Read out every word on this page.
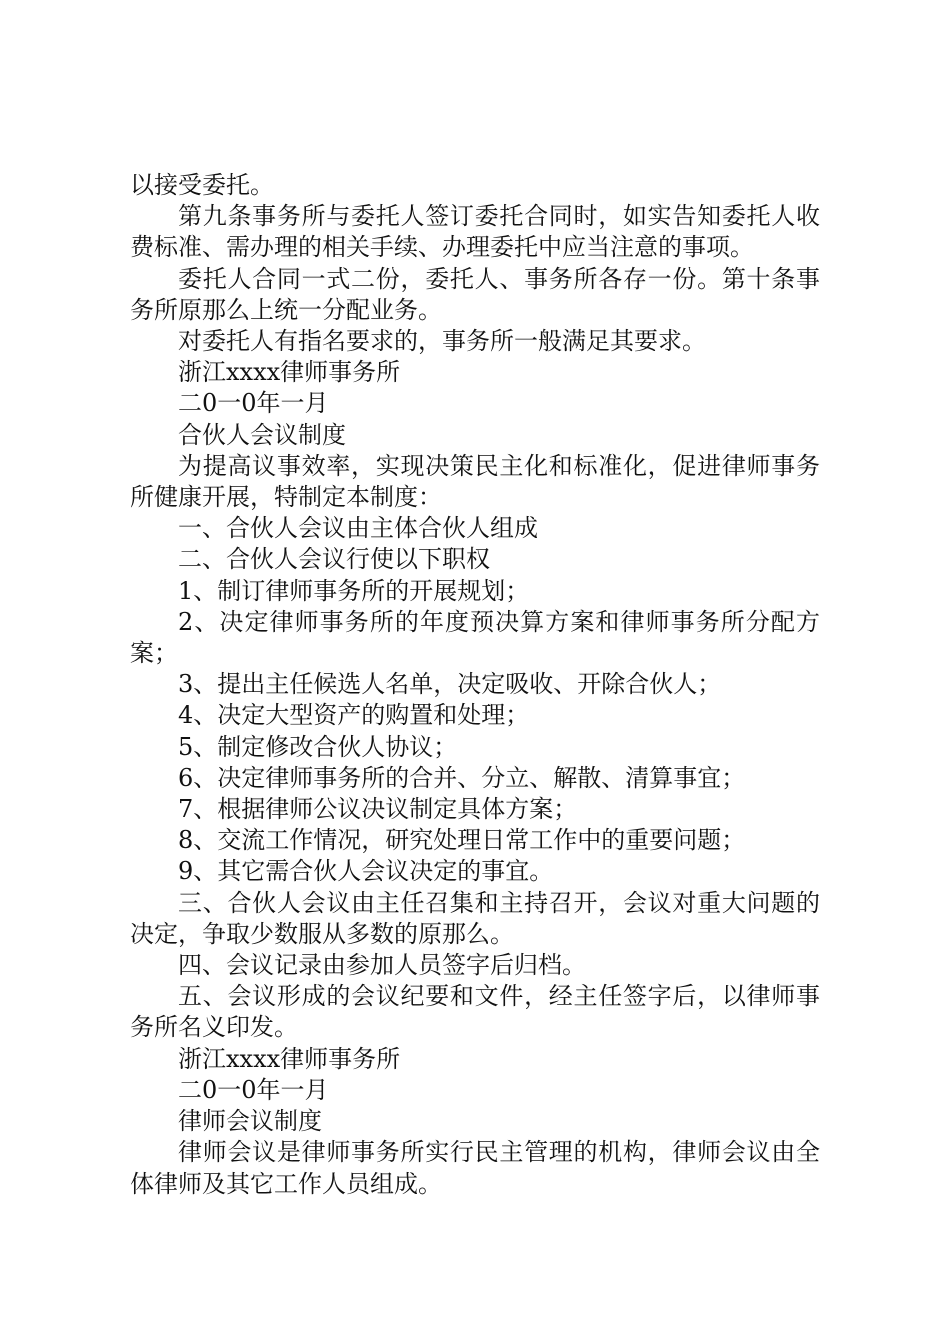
以接受委托。

第九条事务所与委托人签订委托合同时，如实告知委托人收费标准、需办理的相关手续、办理委托中应当注意的事项。

委托人合同一式二份，委托人、事务所各存一份。第十条事务所原那么上统一分配业务。

对委托人有指名要求的，事务所一般满足其要求。

浙江xxxx律师事务所

二0一0年一月

合伙人会议制度

为提高议事效率，实现决策民主化和标准化，促进律师事务所健康开展，特制定本制度：

一、合伙人会议由主体合伙人组成

二、合伙人会议行使以下职权

1、制订律师事务所的开展规划；

2、决定律师事务所的年度预决算方案和律师事务所分配方案；

3、提出主任候选人名单，决定吸收、开除合伙人；

4、决定大型资产的购置和处理；

5、制定修改合伙人协议；

6、决定律师事务所的合并、分立、解散、清算事宜；

7、根据律师公议决议制定具体方案；

8、交流工作情况，研究处理日常工作中的重要问题；

9、其它需合伙人会议决定的事宜。

三、合伙人会议由主任召集和主持召开，会议对重大问题的决定，争取少数服从多数的原那么。

四、会议记录由参加人员签字后归档。

五、会议形成的会议纪要和文件，经主任签字后，以律师事务所名义印发。

浙江xxxx律师事务所

二0一0年一月

律师会议制度

律师会议是律师事务所实行民主管理的机构，律师会议由全体律师及其它工作人员组成。
